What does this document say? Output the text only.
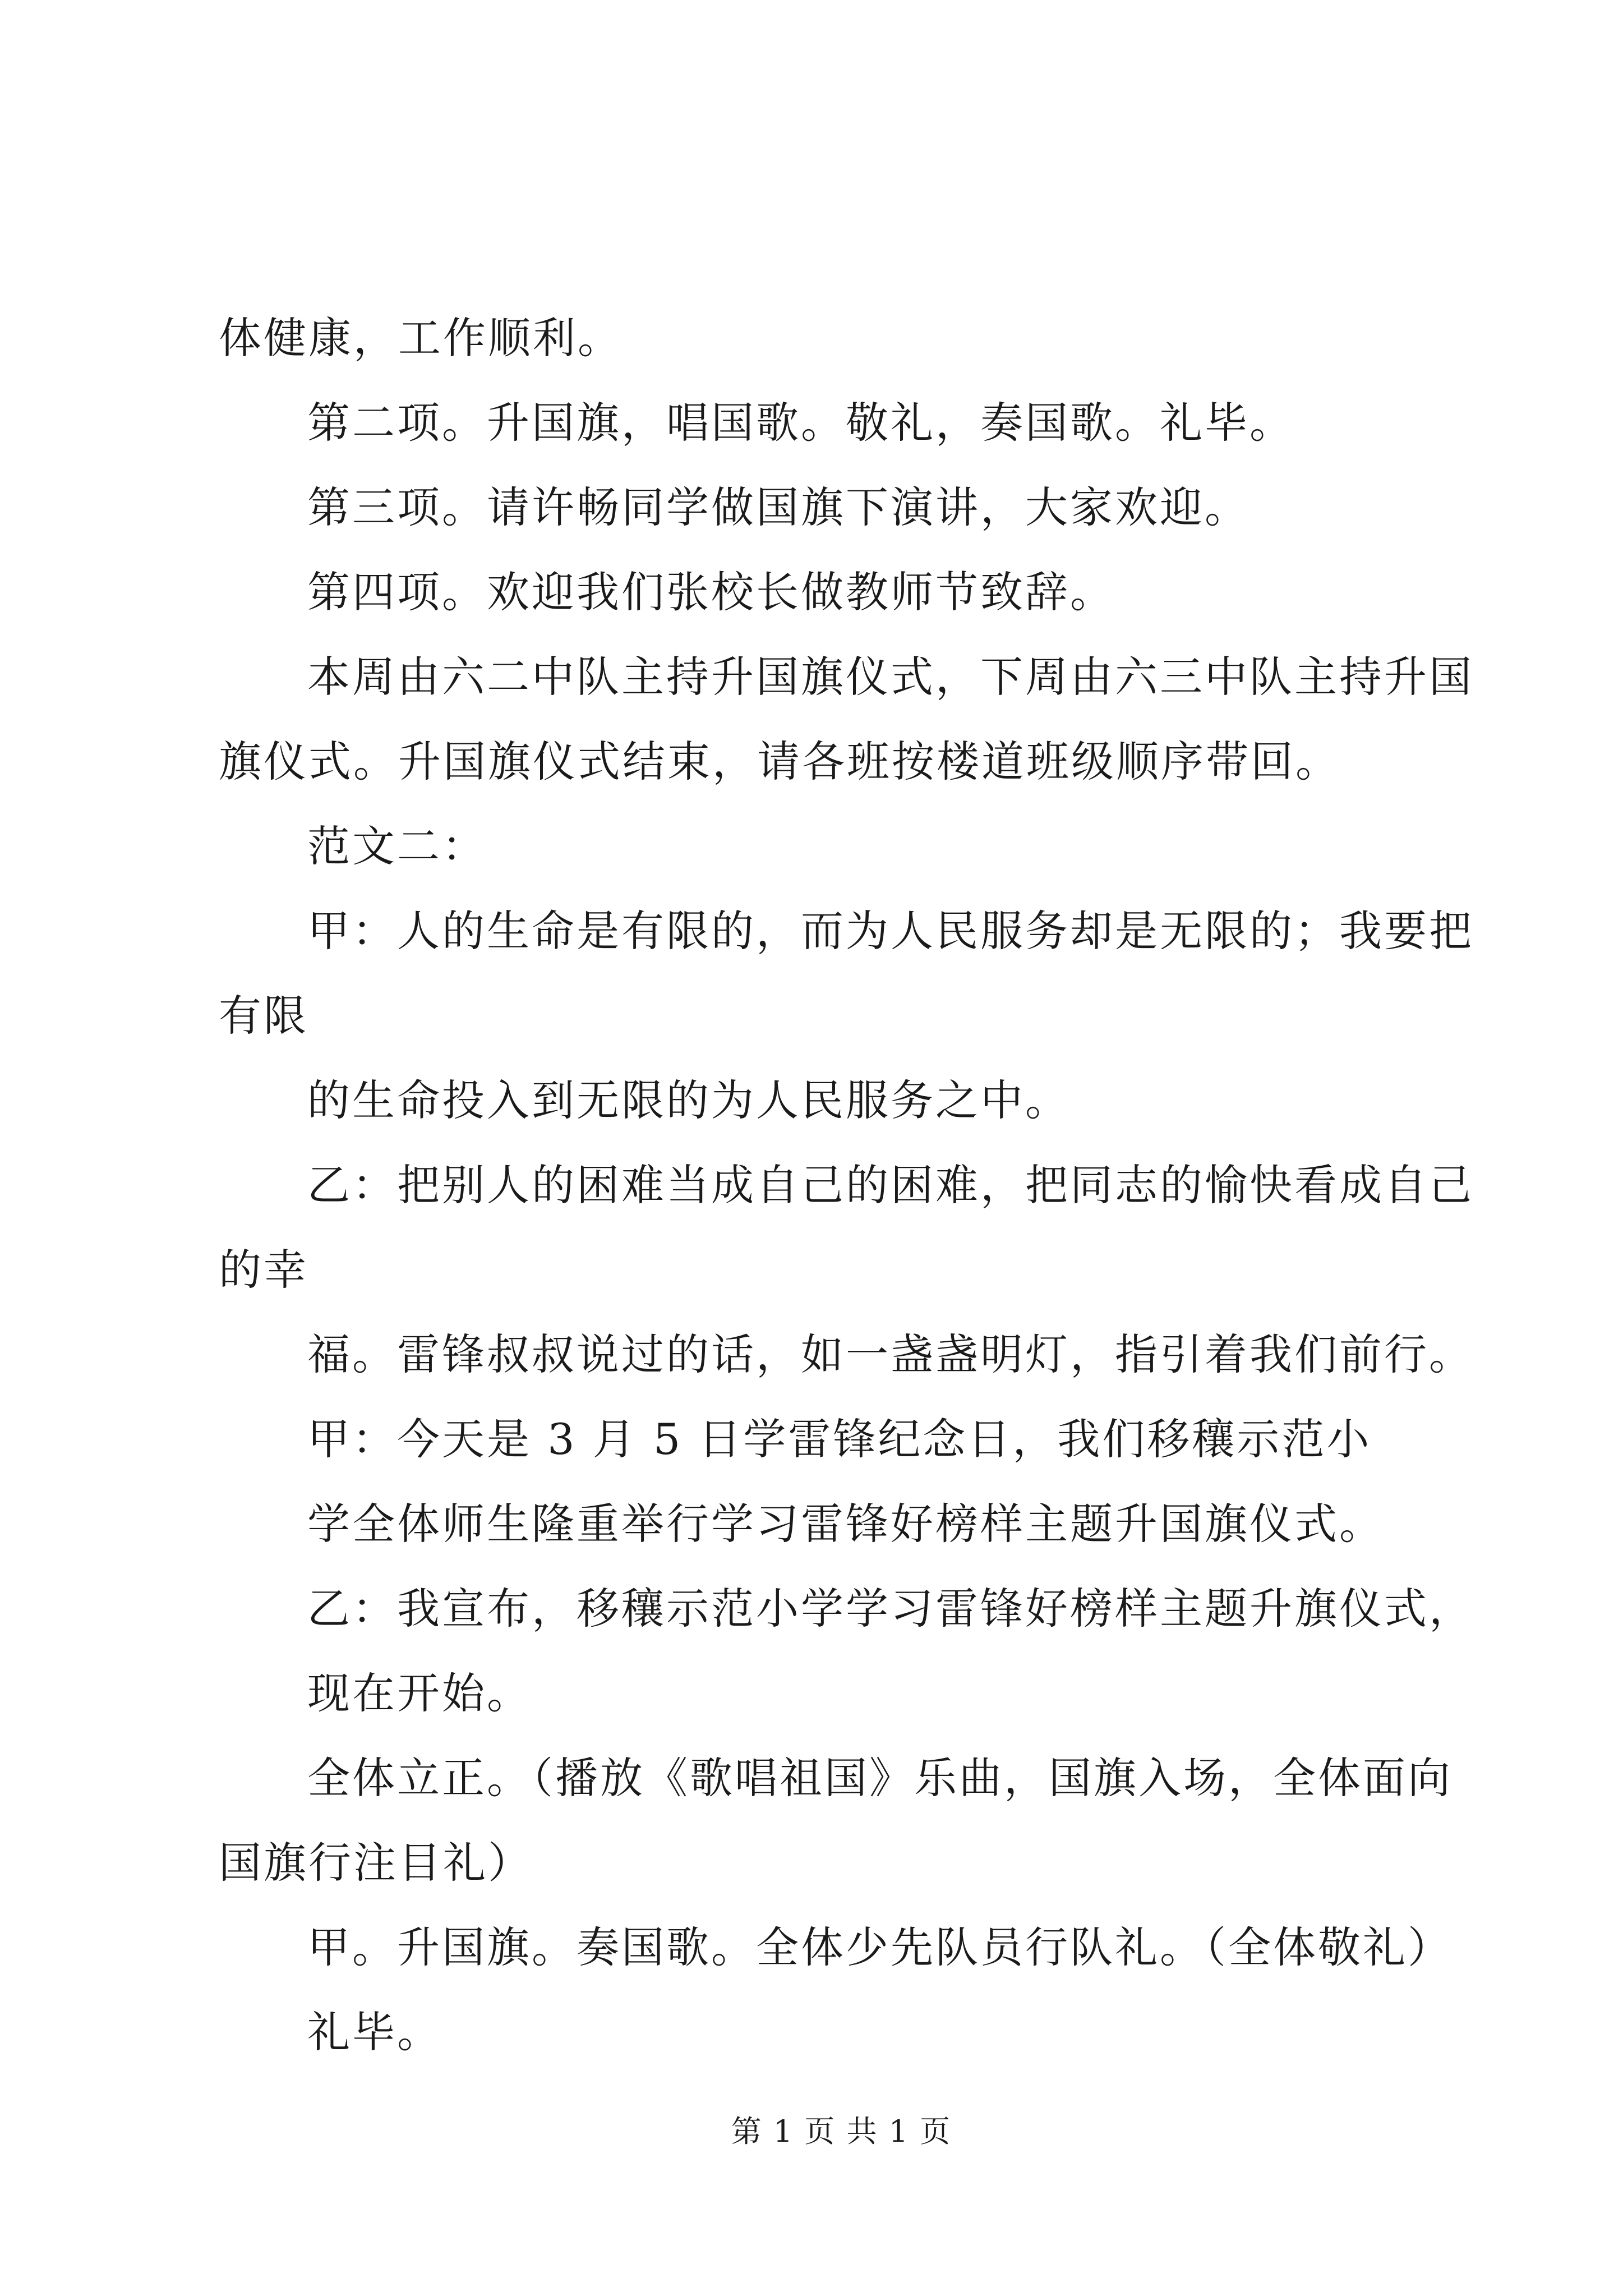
体健康，工作顺利。
第二项。升国旗，唱国歌。敬礼，奏国歌。礼毕。
第三项。请许畅同学做国旗下演讲，大家欢迎。
第四项。欢迎我们张校长做教师节致辞。
本周由六二中队主持升国旗仪式，下周由六三中队主持升国
旗仪式。升国旗仪式结束，请各班按楼道班级顺序带回。
范文二：
甲：人的生命是有限的，而为人民服务却是无限的；我要把
有限
的生命投入到无限的为人民服务之中。
乙：把别人的困难当成自己的困难，把同志的愉快看成自己
的幸
福。雷锋叔叔说过的话，如一盏盏明灯，指引着我们前行。
甲：今天是 3 月 5 日学雷锋纪念日，我们移穰示范小
学全体师生隆重举行学习雷锋好榜样主题升国旗仪式。
乙：我宣布，移穰示范小学学习雷锋好榜样主题升旗仪式，
现在开始。
全体立正。（播放《歌唱祖国》乐曲，国旗入场，全体面向
国旗行注目礼）
甲。升国旗。奏国歌。全体少先队员行队礼。（全体敬礼）
礼毕。
第 1 页 共 1 页
